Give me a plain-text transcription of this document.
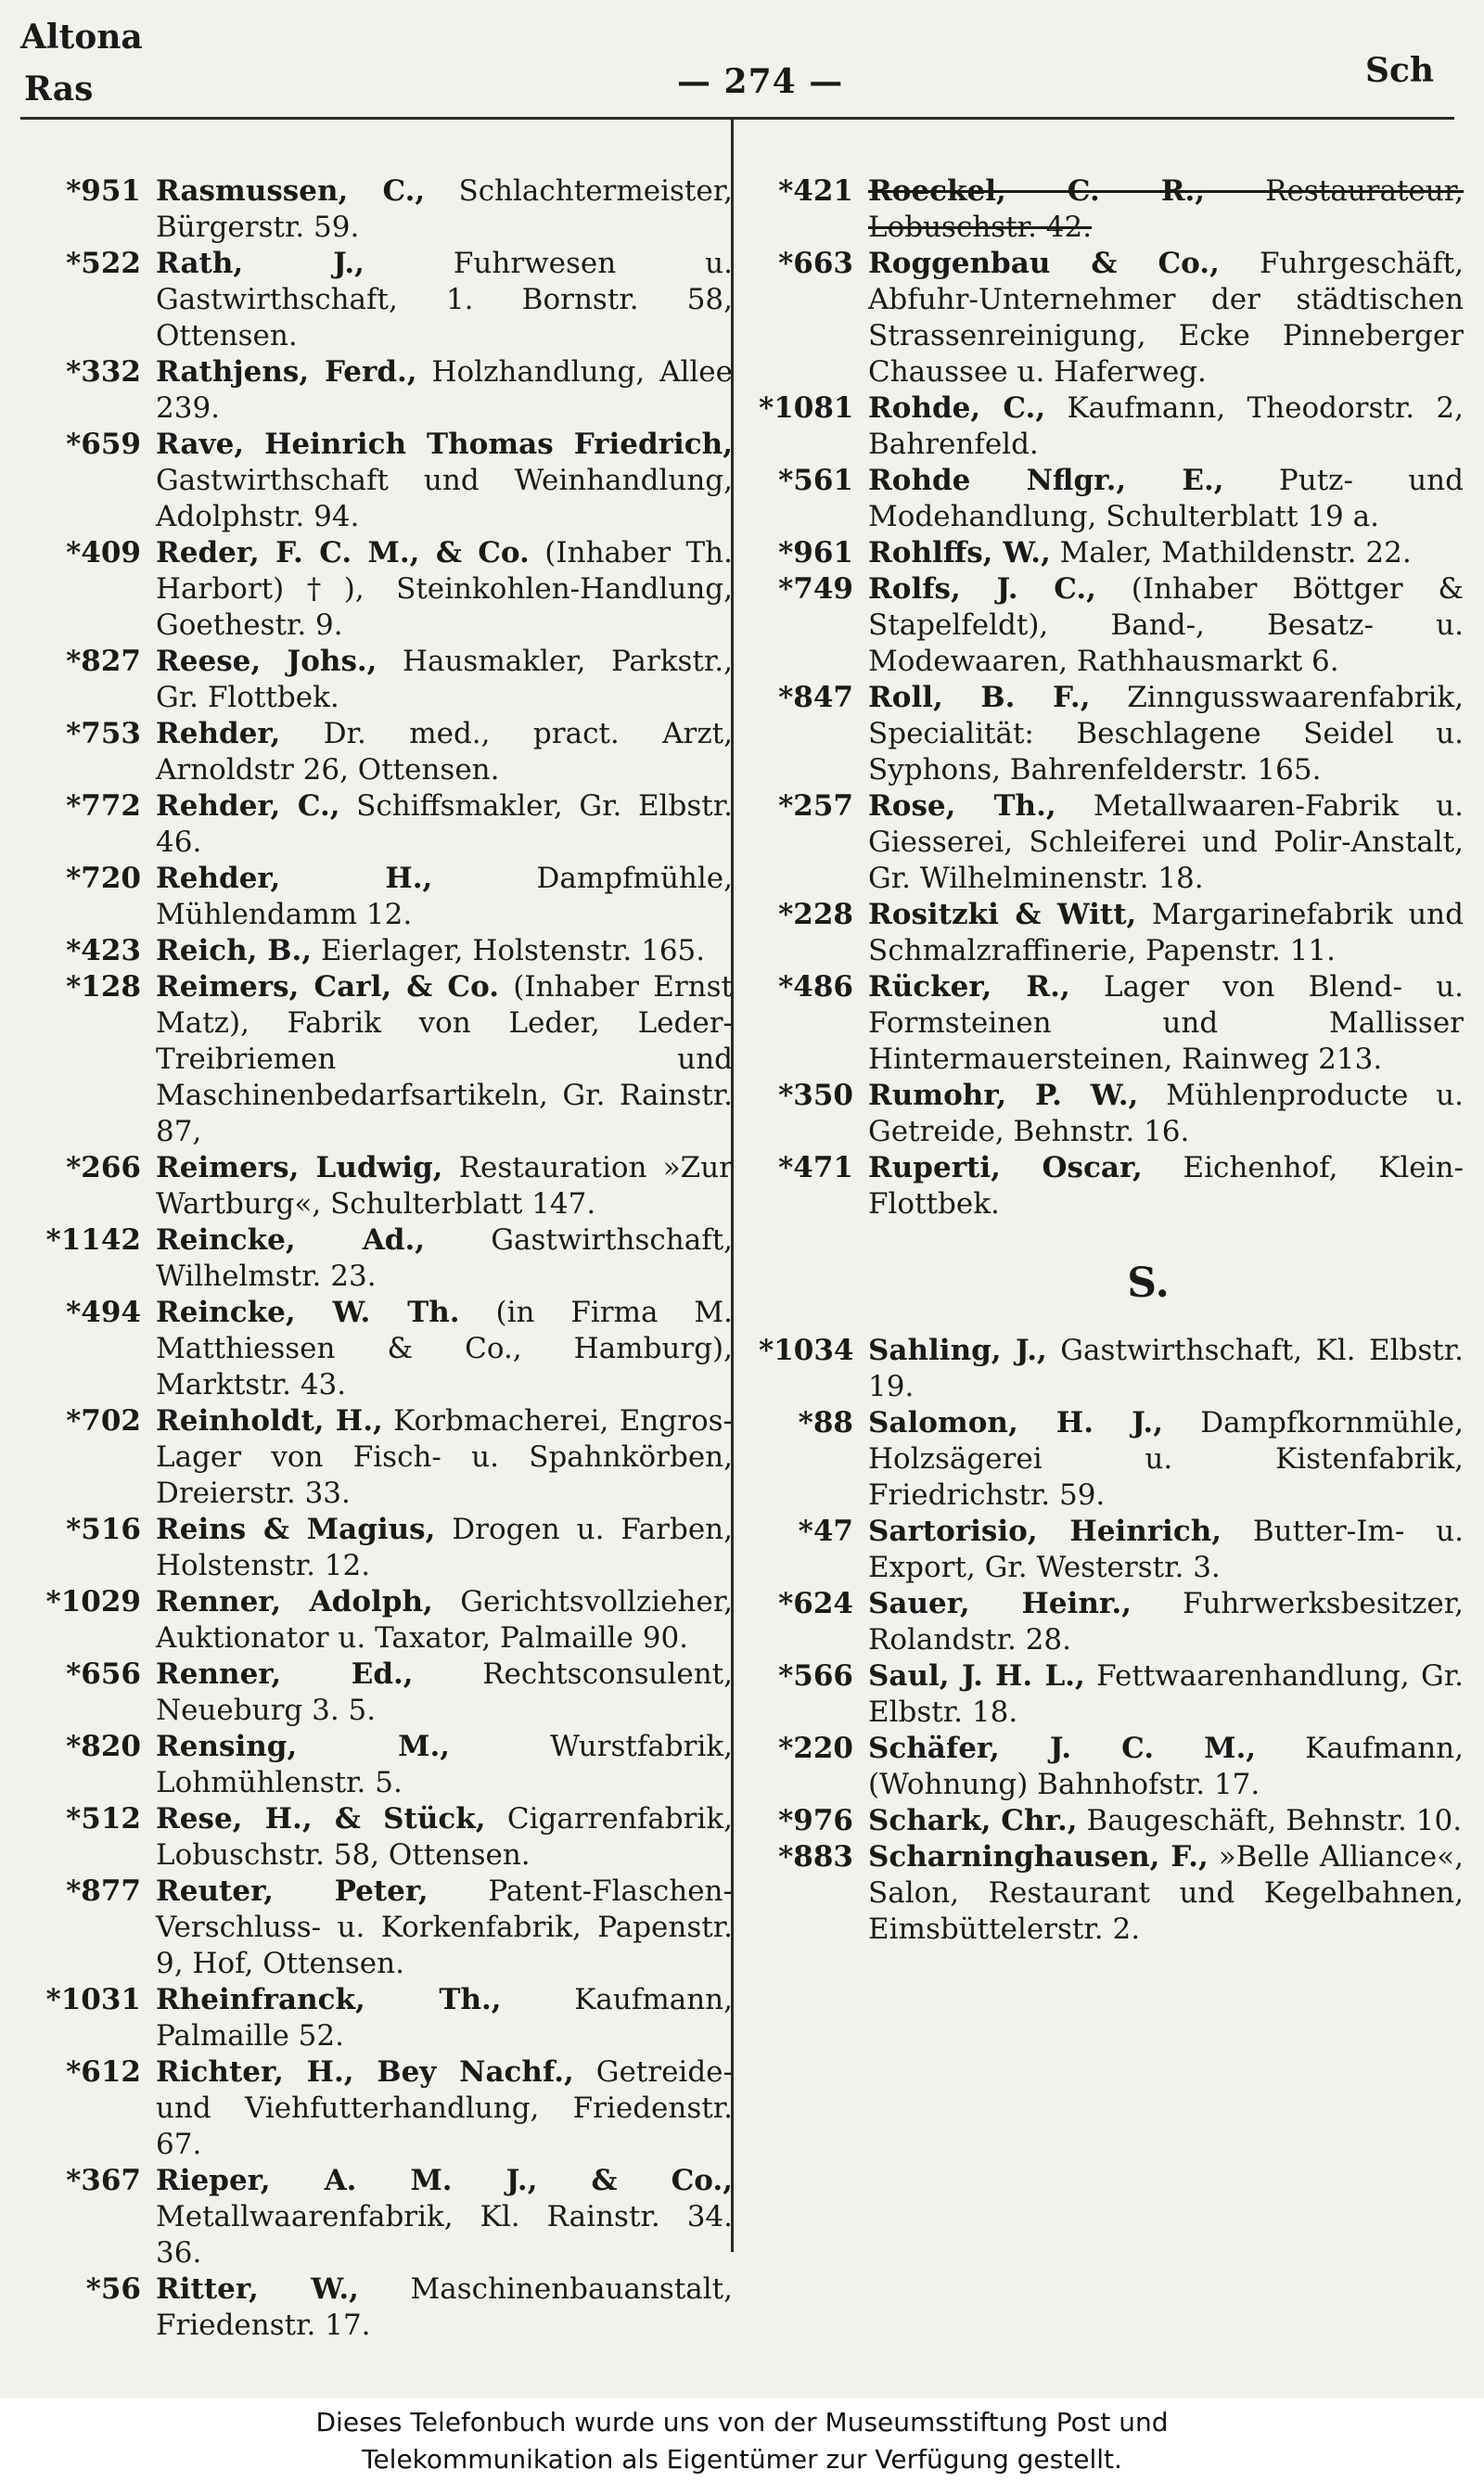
Altona
Ras	— 274 —	Sch
*951 Rasmussen, C., Schlachtermeister, Bürgerstr. 59.
*522 Rath, J.,	Fuhrwesen u. Gastwirthschaft, 1. Bornstr. 58, Ottensen.
*332 Rathjens, Ferd., Holzhandlung, Allee 239.
*659 Rave, Heinrich Thomas Friedrich, Gastwirthschaft und Weinhandlung, Adolphstr. 94.
*409 Reder, F. C. M., & Co. (Inhaber Th. Harbort)†), Steinkohlen-Handlung, Goethestr. 9.
*827 Reese, Johs., Hausmakler, Parkstr., Gr. Flottbek.
*753 Rehder, Dr. med., pract. Arzt, Arnoldstr 26, Ottensen.
*772 Rehder, C., Schiffsmakler, Gr. Elbstr. 46.
*720 Rehder, H.,	Dampfmühle, Mühlendamm 12.
*423 Reich, B., Eierlager, Holstenstr. 165.
*128 Reimers, Carl, & Co. (Inhaber Ernst Matz), Fabrik von Leder, Leder-Treibriemen und Maschinenbedarfsartikeln, Gr. Rainstr. 87,
*266 Reimers, Ludwig, Restauration »Zur Wartburg«, Schulterblatt 147.
*1142 Reincke, Ad., Gastwirthschaft, Wilhelmstr. 23.
*494 Reincke, W. Th. (in Firma M. Matthiessen & Co., Hamburg), Marktstr. 43.
*702 Reinholdt, H., Korbmacherei, Engros-Lager von Fisch- u. Spahnkörben, Dreierstr. 33.
*516 Reins & Magius, Drogen u. Farben, Holstenstr. 12.
*1029 Renner, Adolph, Gerichtsvollzieher, Auktionator u. Taxator, Palmaille 90.
*656 Renner, Ed., Rechtsconsulent, Neueburg 3. 5.
*820 Rensing, M.,	Wurstfabrik, Lohmühlenstr. 5.
*512 Rese, H., & Stück, Cigarrenfabrik, Lobuschstr. 58, Ottensen.
*877 Reuter, Peter, Patent-Flaschen-Verschluss- u. Korkenfabrik, Papenstr. 9, Hof, Ottensen.
*1031 Rheinfranck, Th.,	Kaufmann, Palmaille 52.
*612 Richter, H., Bey Nachf., Getreide- und Viehfutterhandlung, Friedenstr. 67.
*367 Rieper, A. M. J., & Co., Metallwaarenfabrik, Kl. Rainstr. 34. 36.
*56 Ritter, W., Maschinenbauanstalt, Friedenstr. 17.
*421 Roeckel, C. R., Restaurateur, Lobuschstr. 42.
*663 Roggenbau & Co., Fuhrgeschäft, Abfuhr-Unternehmer der städtischen Strassenreinigung, Ecke Pinneberger Chaussee u. Haferweg.
*1081 Rohde, C., Kaufmann, Theodorstr. 2, Bahrenfeld.
*561 Rohde Nflgr., E., Putz- und Modehandlung, Schulterblatt 19 a.
*961 Rohlffs, W., Maler, Mathildenstr. 22.
*749 Rolfs, J. C., (Inhaber Böttger & Stapelfeldt), Band-, Besatz- u. Modewaaren, Rathhausmarkt 6.
*847 Roll, B. F., Zinngusswaarenfabrik, Specialität: Beschlagene Seidel u. Syphons, Bahrenfelderstr. 165.
*257 Rose, Th., Metallwaaren-Fabrik u. Giesserei, Schleiferei und Polir-Anstalt, Gr. Wilhelminenstr. 18.
*228 Rositzki & Witt, Margarinefabrik und Schmalzraffinerie, Papenstr. 11.
*486 Rücker, R., Lager von Blend- u. Formsteinen und Mallisser Hintermauersteinen, Rainweg 213.
*350 Rumohr, P. W., Mühlenproducte u. Getreide, Behnstr. 16.
*471 Ruperti, Oscar, Eichenhof, Klein-Flottbek.
S.
*1034 Sahling, J., Gastwirthschaft, Kl. Elbstr. 19.
*88 Salomon, H. J., Dampfkornmühle, Holzsägerei u. Kistenfabrik, Friedrichstr. 59.
*47 Sartorisio, Heinrich, Butter-Im- u. Export, Gr. Westerstr. 3.
*624 Sauer, Heinr., Fuhrwerksbesitzer, Rolandstr. 28.
*566 Saul, J. H. L., Fettwaarenhandlung, Gr. Elbstr. 18.
*220 Schäfer, J. C. M., Kaufmann, (Wohnung) Bahnhofstr. 17.
*976 Schark, Chr., Baugeschäft, Behnstr. 10.
*883 Scharninghausen, F., »Belle Alliance«, Salon, Restaurant und Kegelbahnen, Eimsbüttelerstr. 2.
Dieses Telefonbuch wurde uns von der Museumsstiftung Post und
Telekommunikation als Eigentümer zur Verfügung gestellt.
